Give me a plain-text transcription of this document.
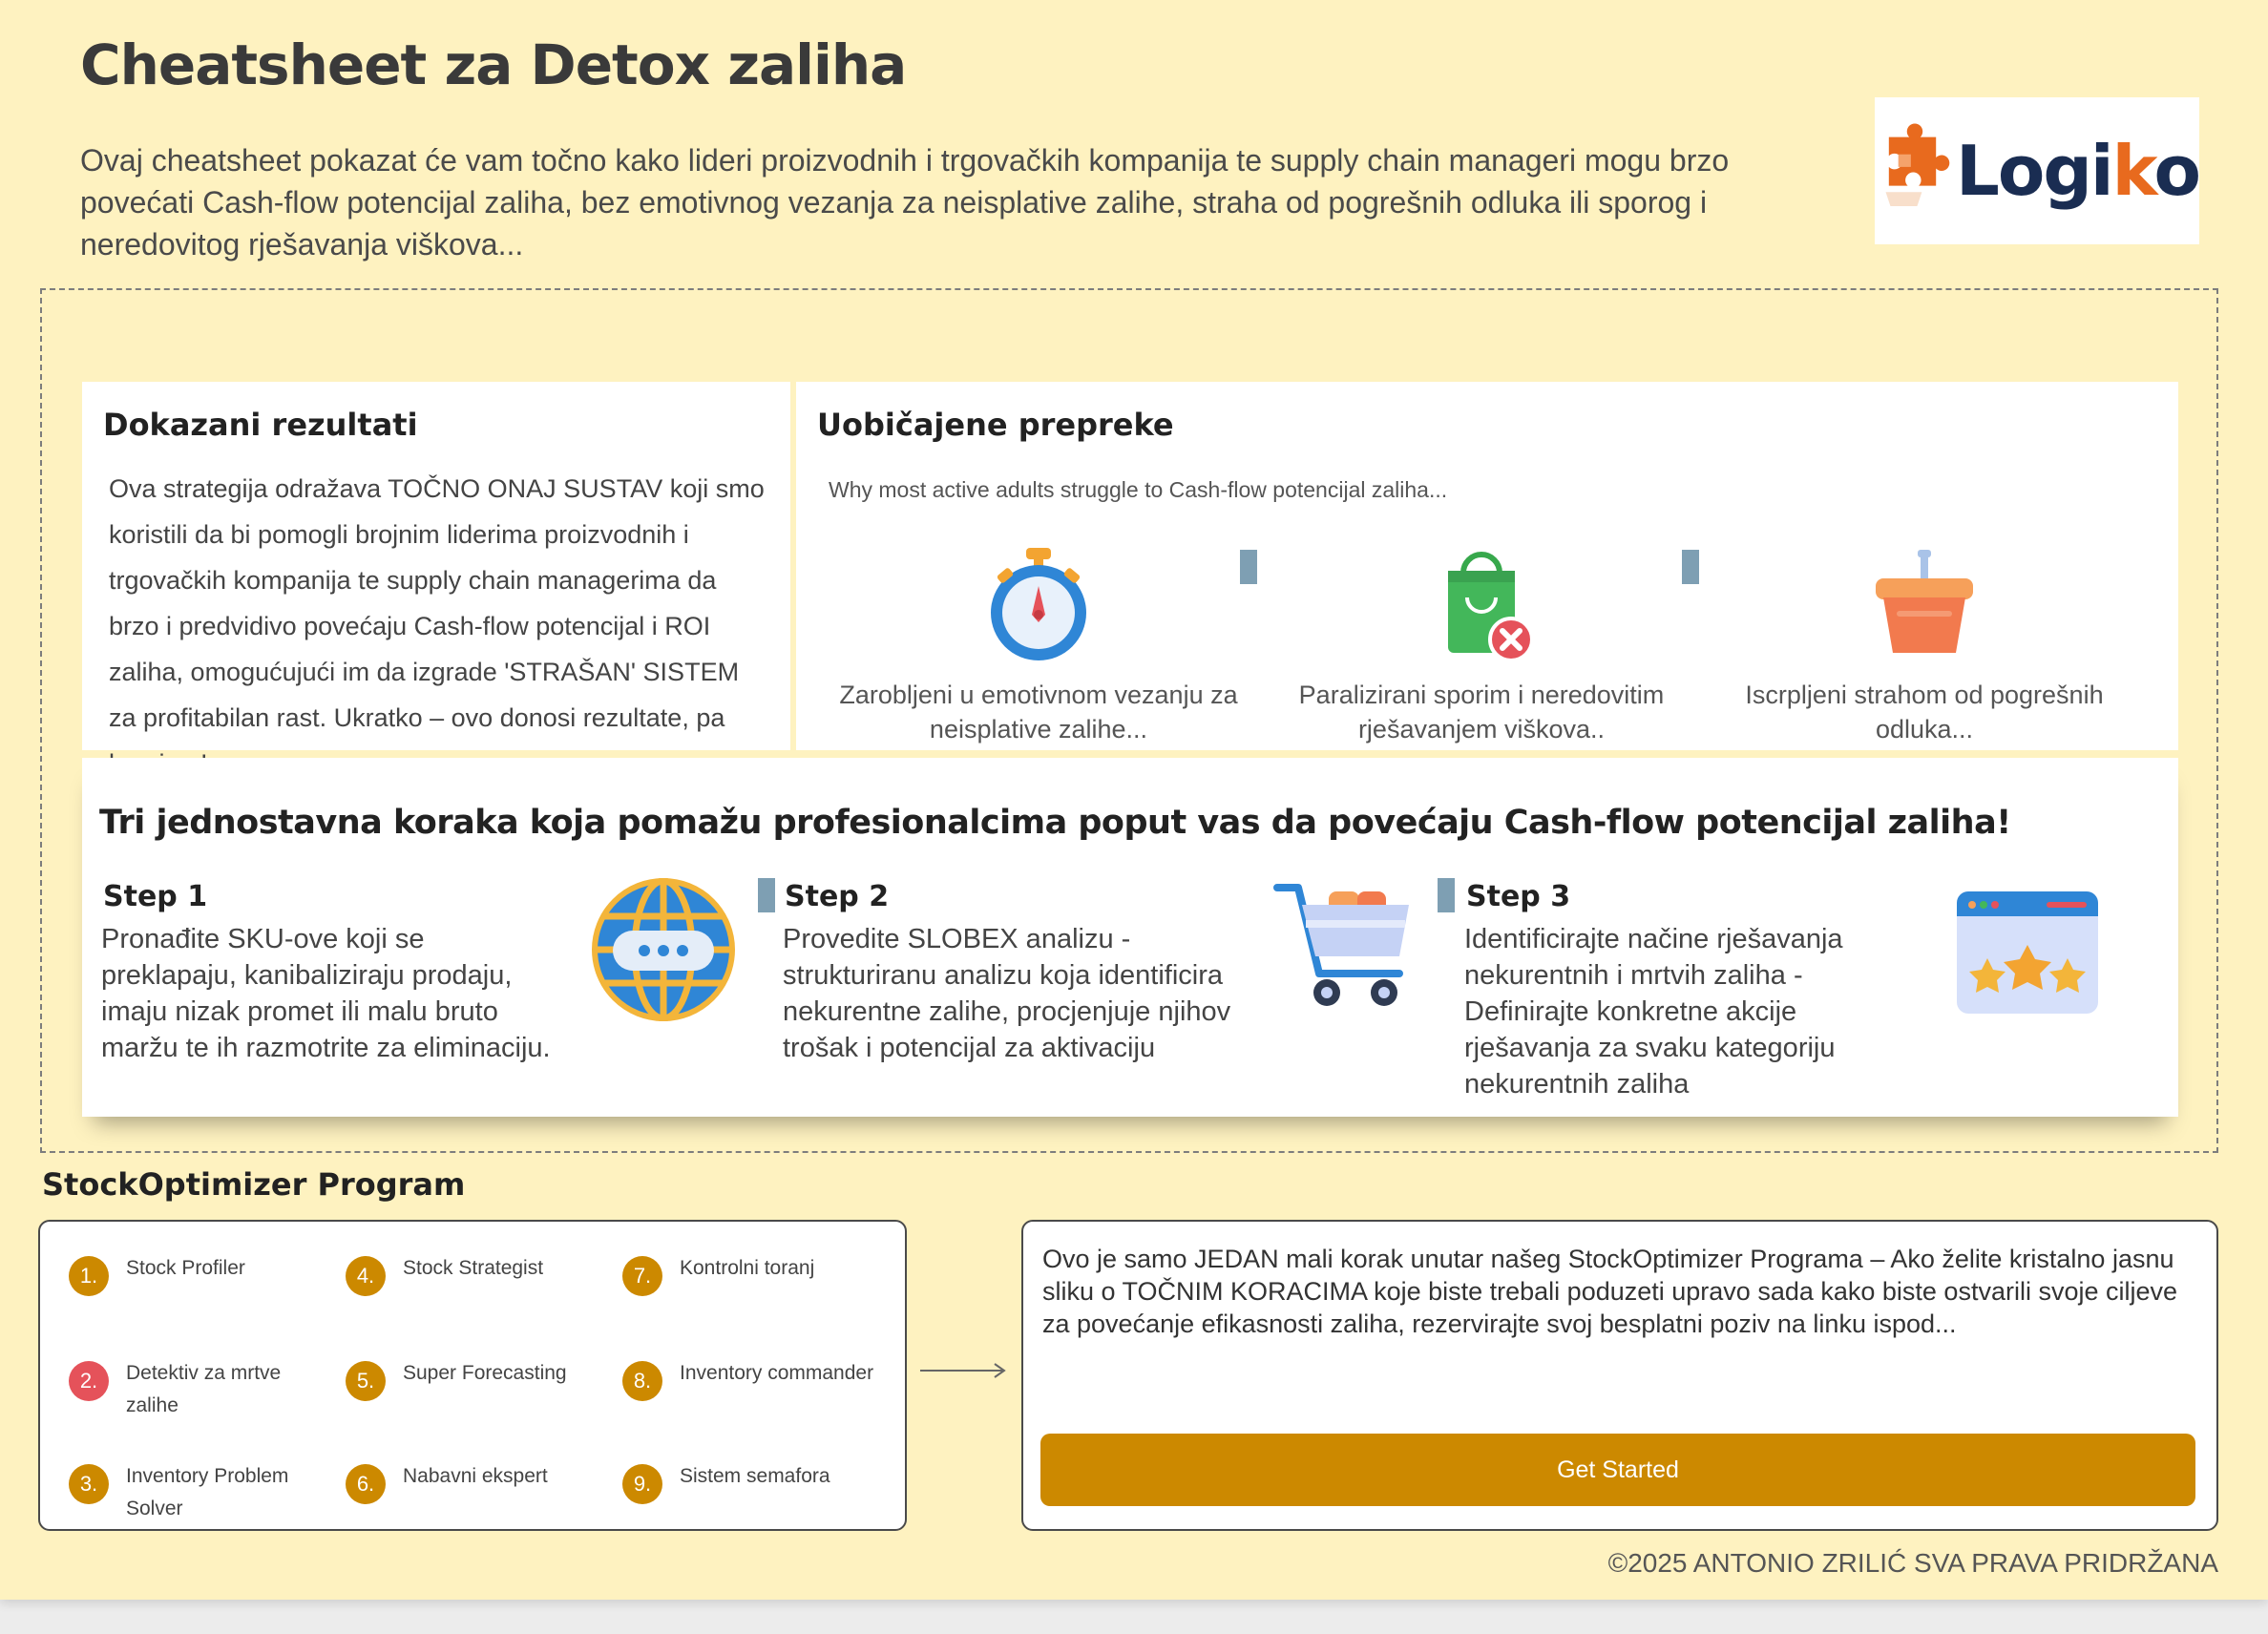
Cheatsheet za Detox zaliha

Ovaj cheatsheet pokazat će vam točno kako lideri proizvodnih i trgovačkih kompanija te supply chain manageri mogu brzo povećati Cash-flow potencijal zaliha, bez emotivnog vezanja za neisplative zalihe, straha od pogrešnih odluka ili sporog i neredovitog rješavanja viškova...

Logiko
Dokazani rezultati

Ova strategija odražava TOČNO ONAJ SUSTAV koji smo koristili da bi pomogli brojnim liderima proizvodnih i trgovačkih kompanija te supply chain managerima da brzo i predvidivo povećaju Cash-flow potencijal i ROI zaliha, omogućujući im da izgrade 'STRAŠAN' SISTEM za profitabilan rast. Ukratko – ovo donosi rezultate, pa

Uobičajene prepreke

Why most active adults struggle to Cash-flow potencijal zaliha...

Zarobljeni u emotivnom vezanju za neisplative zalihe...

Paralizirani sporim i neredovitim rješavanjem viškova..

Iscrpljeni strahom od pogrešnih odluka...

Tri jednostavna koraka koja pomažu profesionalcima poput vas da povećaju Cash-flow potencijal zaliha!
Step 1

Pronađite SKU-ove koji se preklapaju, kanibaliziraju prodaju, imaju nizak promet ili malu bruto maržu te ih razmotrite za eliminaciju.

Step 2

Provedite SLOBEX analizu - strukturiranu analizu koja identificira nekurentne zalihe, procjenjuje njihov trošak i potencijal za aktivaciju

Step 3

Identificirajte načine rješavanja nekurentnih i mrtvih zaliha - Definirajte konkretne akcije rješavanja za svaku kategoriju nekurentnih zaliha

StockOptimizer Program
1.	Stock Profiler
2.	Detektiv za mrtve zalihe
3.	Inventory Problem Solver
4.	Stock Strategist
5.	Super Forecasting
6.	Nabavni ekspert
7.	Kontrolni toranj
8.	Inventory commander
9.	Sistem semafora

Ovo je samo JEDAN mali korak unutar našeg StockOptimizer Programa – Ako želite kristalno jasnu sliku o TOČNIM KORACIMA koje biste trebali poduzeti upravo sada kako biste ostvarili svoje ciljeve za povećanje efikasnosti zaliha, rezervirajte svoj besplatni poziv na linku ispod...

Get Started

©2025 ANTONIO ZRILIĆ SVA PRAVA PRIDRŽANA
